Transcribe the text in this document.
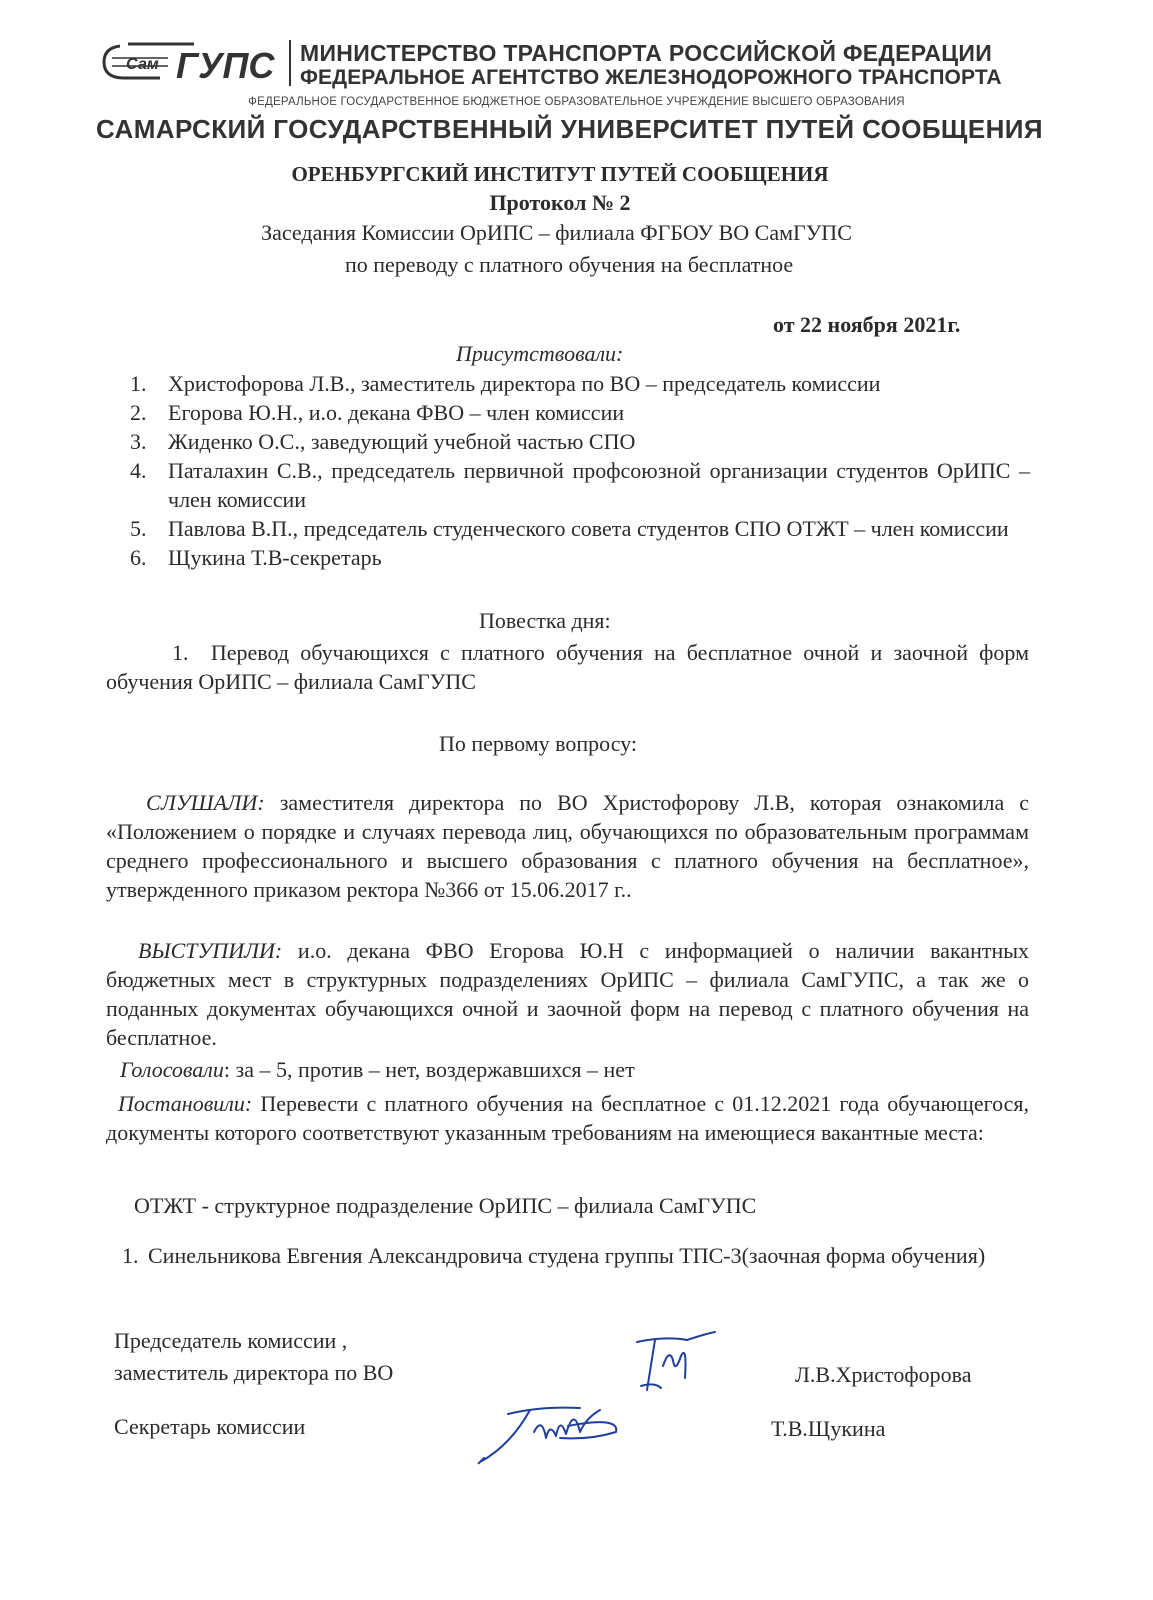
Сам ГУПС МИНИСТЕРСТВО ТРАНСПОРТА РОССИЙСКОЙ ФЕДЕРАЦИИ
ФЕДЕРАЛЬНОЕ АГЕНТСТВО ЖЕЛЕЗНОДОРОЖНОГО ТРАНСПОРТА
ФЕДЕРАЛЬНОЕ ГОСУДАРСТВЕННОЕ БЮДЖЕТНОЕ ОБРАЗОВАТЕЛЬНОЕ УЧРЕЖДЕНИЕ ВЫСШЕГО ОБРАЗОВАНИЯ
САМАРСКИЙ ГОСУДАРСТВЕННЫЙ УНИВЕРСИТЕТ ПУТЕЙ СООБЩЕНИЯ
ОРЕНБУРГСКИЙ ИНСТИТУТ ПУТЕЙ СООБЩЕНИЯ
Протокол № 2
Заседания Комиссии ОрИПС – филиала ФГБОУ ВО СамГУПС
по переводу с платного обучения на бесплатное
от 22 ноября 2021г.
Присутствовали:
1. Христофорова Л.В., заместитель директора по ВО – председатель комиссии
2. Егорова Ю.Н., и.о. декана ФВО – член комиссии
3. Жиденко О.С., заведующий учебной частью СПО
4. Паталахин С.В., председатель первичной профсоюзной организации студентов ОрИПС – член комиссии
5. Павлова В.П., председатель студенческого совета студентов СПО ОТЖТ – член комиссии
6. Щукина Т.В-секретарь
Повестка дня:
1. Перевод обучающихся с платного обучения на бесплатное очной и заочной форм обучения ОрИПС – филиала СамГУПС
По первому вопросу:
СЛУШАЛИ: заместителя директора по ВО Христофорову Л.В, которая ознакомила с «Положением о порядке и случаях перевода лиц, обучающихся по образовательным программам среднего профессионального и высшего образования с платного обучения на бесплатное», утвержденного приказом ректора №366 от 15.06.2017 г..
ВЫСТУПИЛИ: и.о. декана ФВО Егорова Ю.Н с информацией о наличии вакантных бюджетных мест в структурных подразделениях ОрИПС – филиала СамГУПС, а так же о поданных документах обучающихся очной и заочной форм на перевод с платного обучения на бесплатное.
Голосовали: за – 5, против – нет, воздержавшихся – нет
Постановили: Перевести с платного обучения на бесплатное с 01.12.2021 года обучающегося, документы которого соответствуют указанным требованиям на имеющиеся вакантные места:
ОТЖТ - структурное подразделение ОрИПС – филиала СамГУПС
1. Синельникова Евгения Александровича студена группы ТПС-3(заочная форма обучения)
Председатель комиссии ,
заместитель директора по ВО
Секретарь комиссии
Л.В.Христофорова
Т.В.Щукина
